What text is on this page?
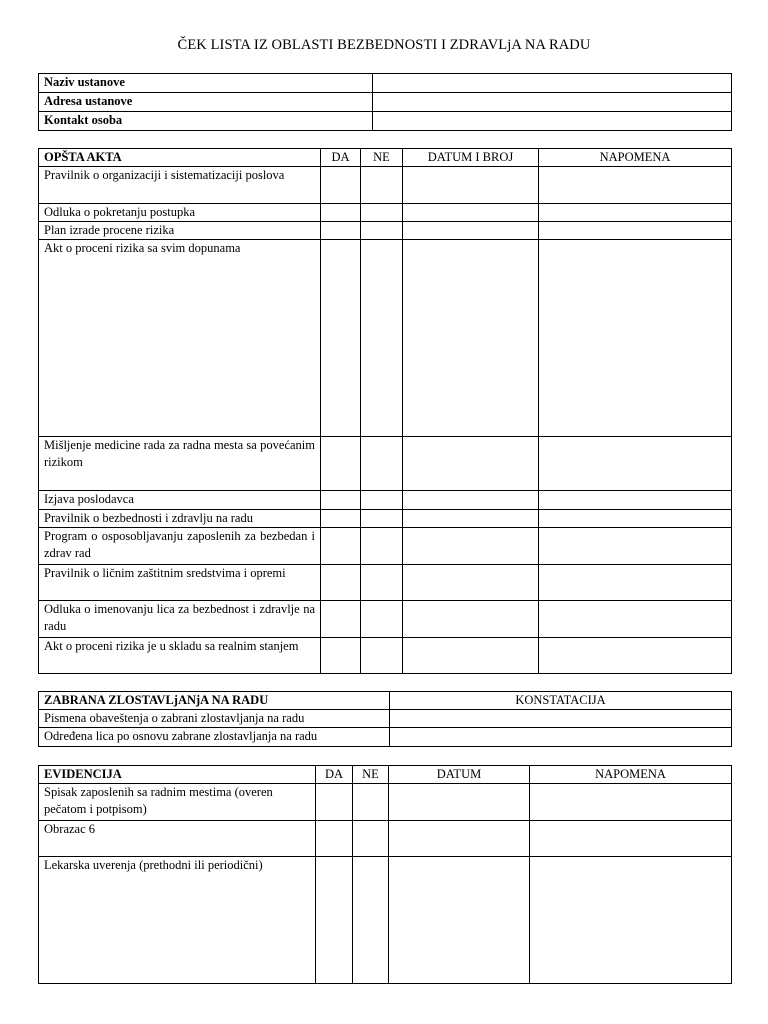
ČEK LISTA IZ OBLASTI BEZBEDNOSTI I ZDRAVLjA NA RADU
Naziv ustanove	
Adresa ustanove	
Kontakt osoba	
OPŠTA AKTA	DA	NE	DATUM I BROJ	NAPOMENA
Pravilnik o organizaciji i sistematizaciji poslova				
Odluka o pokretanju postupka				
Plan izrade procene rizika				
Akt o proceni rizika sa svim dopunama				
Mišljenje medicine rada za radna mesta sa povećanim rizikom				
Izjava poslodavca				
Pravilnik o bezbednosti i zdravlju na radu				
Program o osposobljavanju zaposlenih za bezbedan i zdrav rad				
Pravilnik o ličnim zaštitnim sredstvima i opremi				
Odluka o imenovanju lica za bezbednost i zdravlje na radu				
Akt o proceni rizika je u skladu sa realnim stanjem				
ZABRANA ZLOSTAVLjANjA NA RADU	KONSTATACIJA
Pismena obaveštenja o zabrani zlostavljanja na radu	
Određena lica po osnovu zabrane zlostavljanja na radu	
EVIDENCIJA	DA	NE	DATUM	NAPOMENA
Spisak zaposlenih sa radnim mestima (overen pečatom i potpisom)				
Obrazac 6				
Lekarska uverenja (prethodni ili periodični)				
